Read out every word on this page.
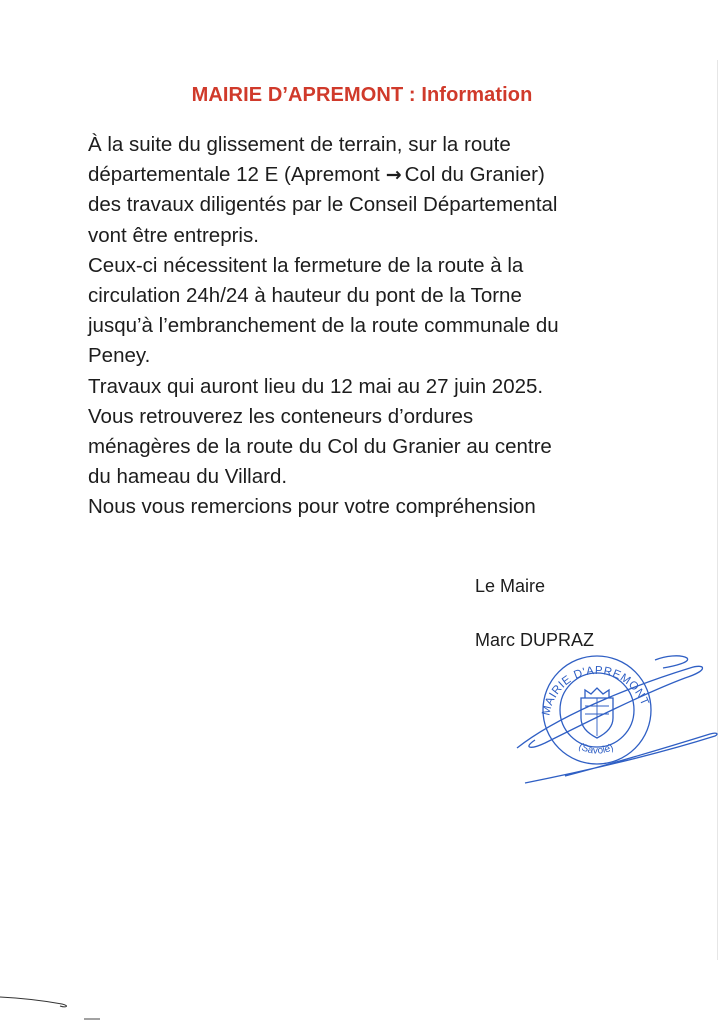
MAIRIE D’APREMONT : Information
À la suite du glissement de terrain, sur la route
départementale 12 E (Apremont → Col du Granier)
des travaux diligentés par le Conseil Départemental
vont être entrepris.
Ceux-ci nécessitent la fermeture de la route à la
circulation 24h/24 à hauteur du pont de la Torne
jusqu’à l’embranchement de la route communale du
Peney.
Travaux qui auront lieu du 12 mai au 27 juin 2025.
Vous retrouverez les conteneurs d’ordures
ménagères de la route du Col du Granier au centre
du hameau du Villard.
Nous vous remercions pour votre compréhension
Le Maire
Marc DUPRAZ
MAIRIE D'APREMONT
(Savoie)
